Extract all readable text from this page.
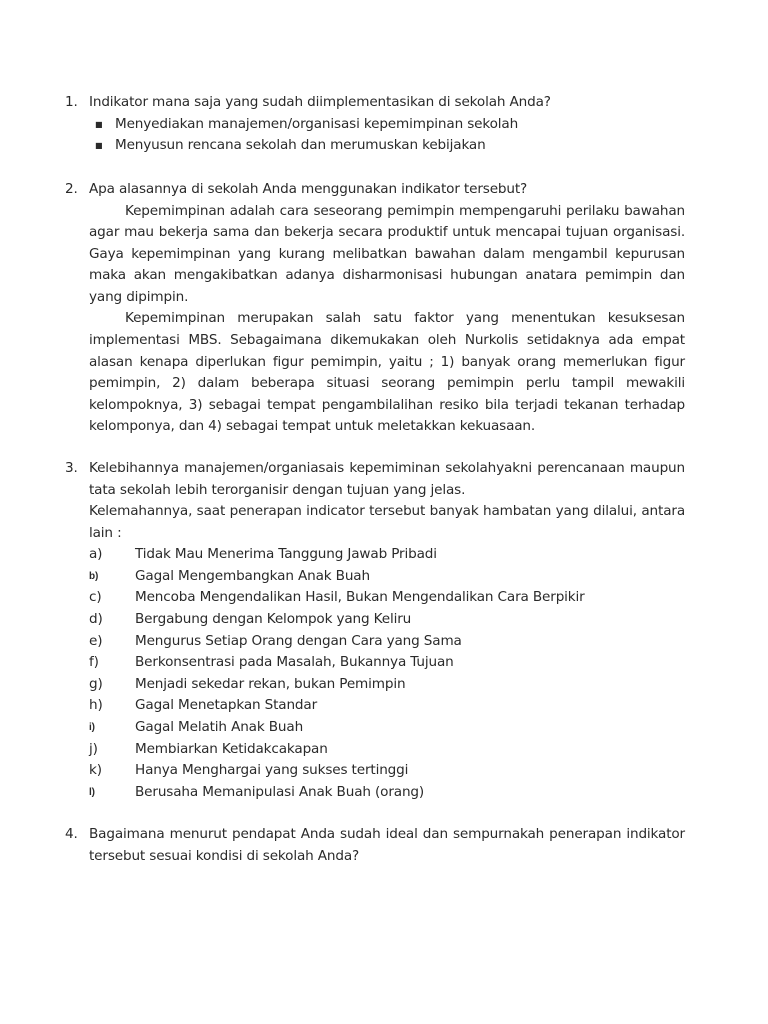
1. Indikator mana saja yang sudah diimplementasikan di sekolah Anda?
■ Menyediakan manajemen/organisasi kepemimpinan sekolah
■ Menyusun rencana sekolah dan merumuskan kebijakan
2. Apa alasannya di sekolah Anda menggunakan indikator tersebut?

Kepemimpinan adalah cara seseorang pemimpin mempengaruhi perilaku bawahan agar mau bekerja sama dan bekerja secara produktif untuk mencapai tujuan organisasi. Gaya kepemimpinan yang kurang melibatkan bawahan dalam mengambil kepurusan maka akan mengakibatkan adanya disharmonisasi hubungan anatara pemimpin dan yang dipimpin.

Kepemimpinan merupakan salah satu faktor yang menentukan kesuksesan implementasi MBS. Sebagaimana dikemukakan oleh Nurkolis setidaknya ada empat alasan kenapa diperlukan figur pemimpin, yaitu ; 1) banyak orang memerlukan figur pemimpin, 2) dalam beberapa situasi seorang pemimpin perlu tampil mewakili kelompoknya, 3) sebagai tempat pengambilalihan resiko bila terjadi tekanan terhadap kelomponya, dan 4) sebagai tempat untuk meletakkan kekuasaan.

3. Kelebihannya manajemen/organiasais kepemiminan sekolahyakni perencanaan maupun tata sekolah lebih terorganisir dengan tujuan yang jelas.

Kelemahannya, saat penerapan indicator tersebut banyak hambatan yang dilalui, antara lain :

a)	Tidak Mau Menerima Tanggung Jawab Pribadi
b)	Gagal Mengembangkan Anak Buah
c)	Mencoba Mengendalikan Hasil, Bukan Mengendalikan Cara Berpikir
d)	Bergabung dengan Kelompok yang Keliru
e)	Mengurus Setiap Orang dengan Cara yang Sama
f)	Berkonsentrasi pada Masalah, Bukannya Tujuan
g)	Menjadi sekedar rekan, bukan Pemimpin
h)	Gagal Menetapkan Standar
i)	Gagal Melatih Anak Buah
j)	Membiarkan Ketidakcakapan
k)	Hanya Menghargai yang sukses tertinggi
l)	Berusaha Memanipulasi Anak Buah (orang)
4. Bagaimana menurut pendapat Anda sudah ideal dan sempurnakah penerapan indikator tersebut sesuai kondisi di sekolah Anda?
